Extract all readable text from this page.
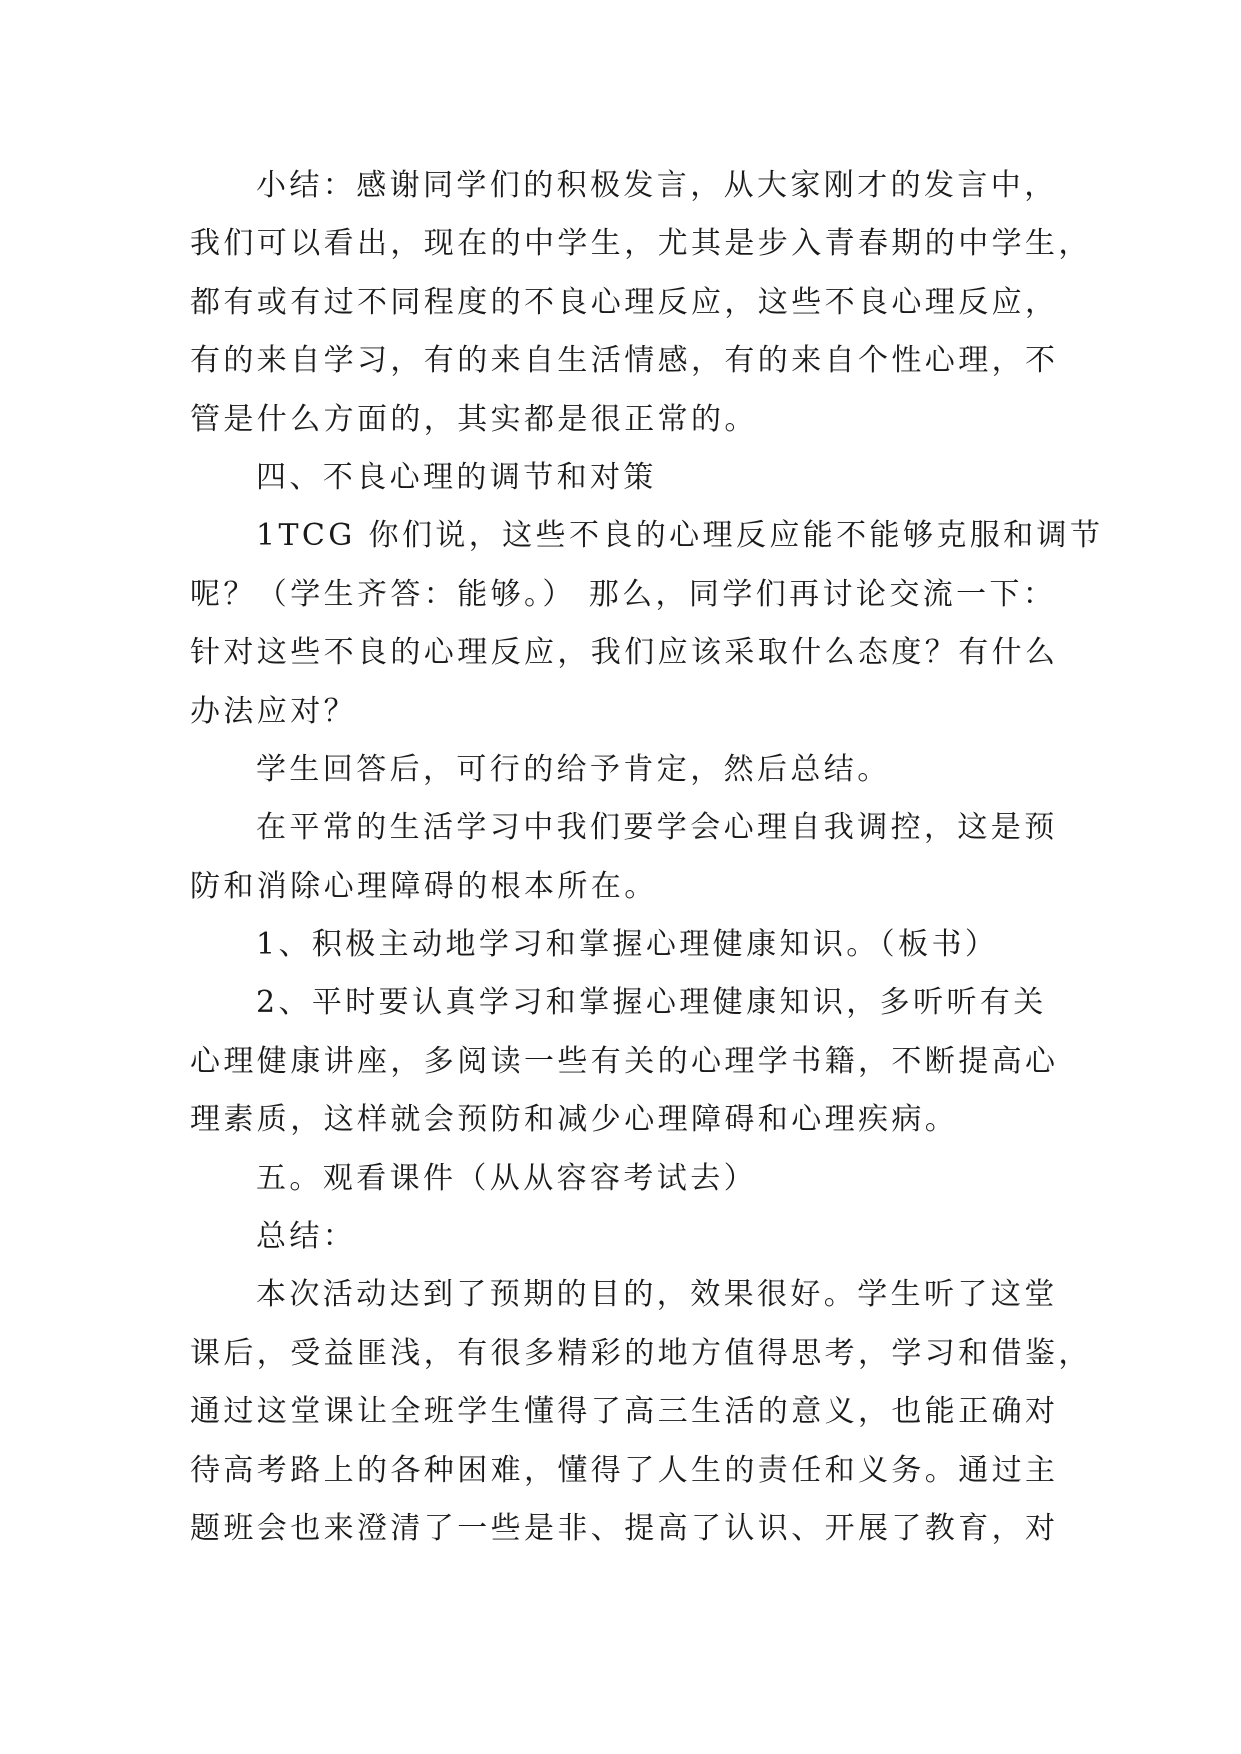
小结：感谢同学们的积极发言，从大家刚才的发言中，
我们可以看出，现在的中学生，尤其是步入青春期的中学生，
都有或有过不同程度的不良心理反应，这些不良心理反应，
有的来自学习，有的来自生活情感，有的来自个性心理，不
管是什么方面的，其实都是很正常的。
四、不良心理的调节和对策
1TCG 你们说，这些不良的心理反应能不能够克服和调节
呢？（学生齐答：能够。） 那么，同学们再讨论交流一下：
针对这些不良的心理反应，我们应该采取什么态度？有什么
办法应对？
学生回答后，可行的给予肯定，然后总结。
在平常的生活学习中我们要学会心理自我调控，这是预
防和消除心理障碍的根本所在。
1、积极主动地学习和掌握心理健康知识。（板书）
2、平时要认真学习和掌握心理健康知识，多听听有关
心理健康讲座，多阅读一些有关的心理学书籍，不断提高心
理素质，这样就会预防和减少心理障碍和心理疾病。
五。观看课件（从从容容考试去）
总结：
本次活动达到了预期的目的，效果很好。学生听了这堂
课后，受益匪浅，有很多精彩的地方值得思考，学习和借鉴，
通过这堂课让全班学生懂得了高三生活的意义，也能正确对
待高考路上的各种困难，懂得了人生的责任和义务。通过主
题班会也来澄清了一些是非、提高了认识、开展了教育，对
